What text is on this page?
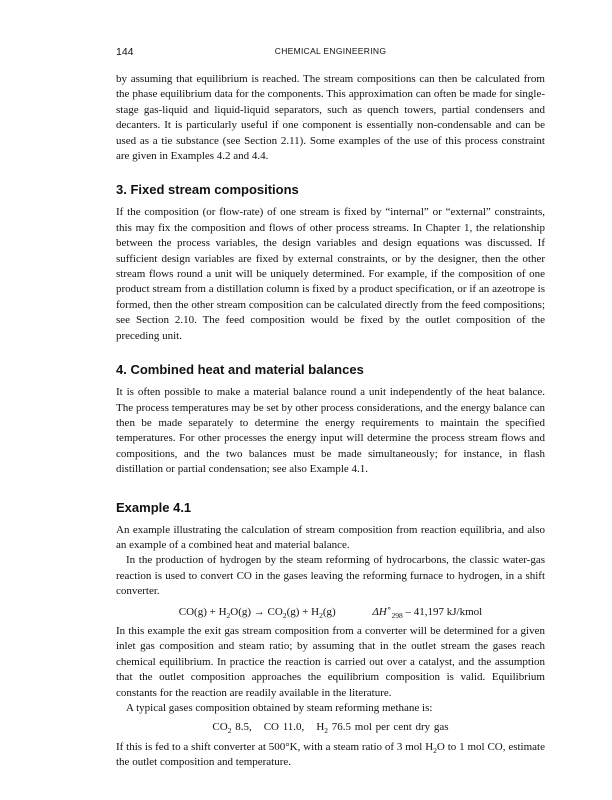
144	CHEMICAL ENGINEERING

by assuming that equilibrium is reached. The stream compositions can then be calculated from the phase equilibrium data for the components. This approximation can often be made for single-stage gas-liquid and liquid-liquid separators, such as quench towers, partial condensers and decanters. It is particularly useful if one component is essentially non-condensable and can be used as a tie substance (see Section 2.11). Some examples of the use of this process constraint are given in Examples 4.2 and 4.4.

3. Fixed stream compositions

If the composition (or flow-rate) of one stream is fixed by “internal” or “external” constraints, this may fix the composition and flows of other process streams. In Chapter 1, the relationship between the process variables, the design variables and design equations was discussed. If sufficient design variables are fixed by external constraints, or by the designer, then the other stream flows round a unit will be uniquely determined. For example, if the composition of one product stream from a distillation column is fixed by a product specification, or if an azeotrope is formed, then the other stream composition can be calculated directly from the feed compositions; see Section 2.10. The feed composition would be fixed by the outlet composition of the preceding unit.

4. Combined heat and material balances

It is often possible to make a material balance round a unit independently of the heat balance. The process temperatures may be set by other process considerations, and the energy balance can then be made separately to determine the energy requirements to maintain the specified temperatures. For other processes the energy input will determine the process stream flows and compositions, and the two balances must be made simultaneously; for instance, in flash distillation or partial condensation; see also Example 4.1.

Example 4.1

An example illustrating the calculation of stream composition from reaction equilibria, and also an example of a combined heat and material balance.

In the production of hydrogen by the steam reforming of hydrocarbons, the classic water-gas reaction is used to convert CO in the gases leaving the reforming furnace to hydrogen, in a shift converter.

$CO(g) + H_2O(g) \to CO_2(g) + H_2(g)$	$\Delta H^\circ_{298} - 41,197$ kJ/kmol

In this example the exit gas stream composition from a converter will be determined for a given inlet gas composition and steam ratio; by assuming that in the outlet stream the gases reach chemical equilibrium. In practice the reaction is carried out over a catalyst, and the assumption that the outlet composition approaches the equilibrium composition is valid. Equilibrium constants for the reaction are readily available in the literature.

A typical gases composition obtained by steam reforming methane is:

$CO_2$ 8.5, CO 11.0, $H_2$ 76.5 mol per cent dry gas

If this is fed to a shift converter at 500°K, with a steam ratio of 3 mol $H_2O$ to 1 mol CO, estimate the outlet composition and temperature.
